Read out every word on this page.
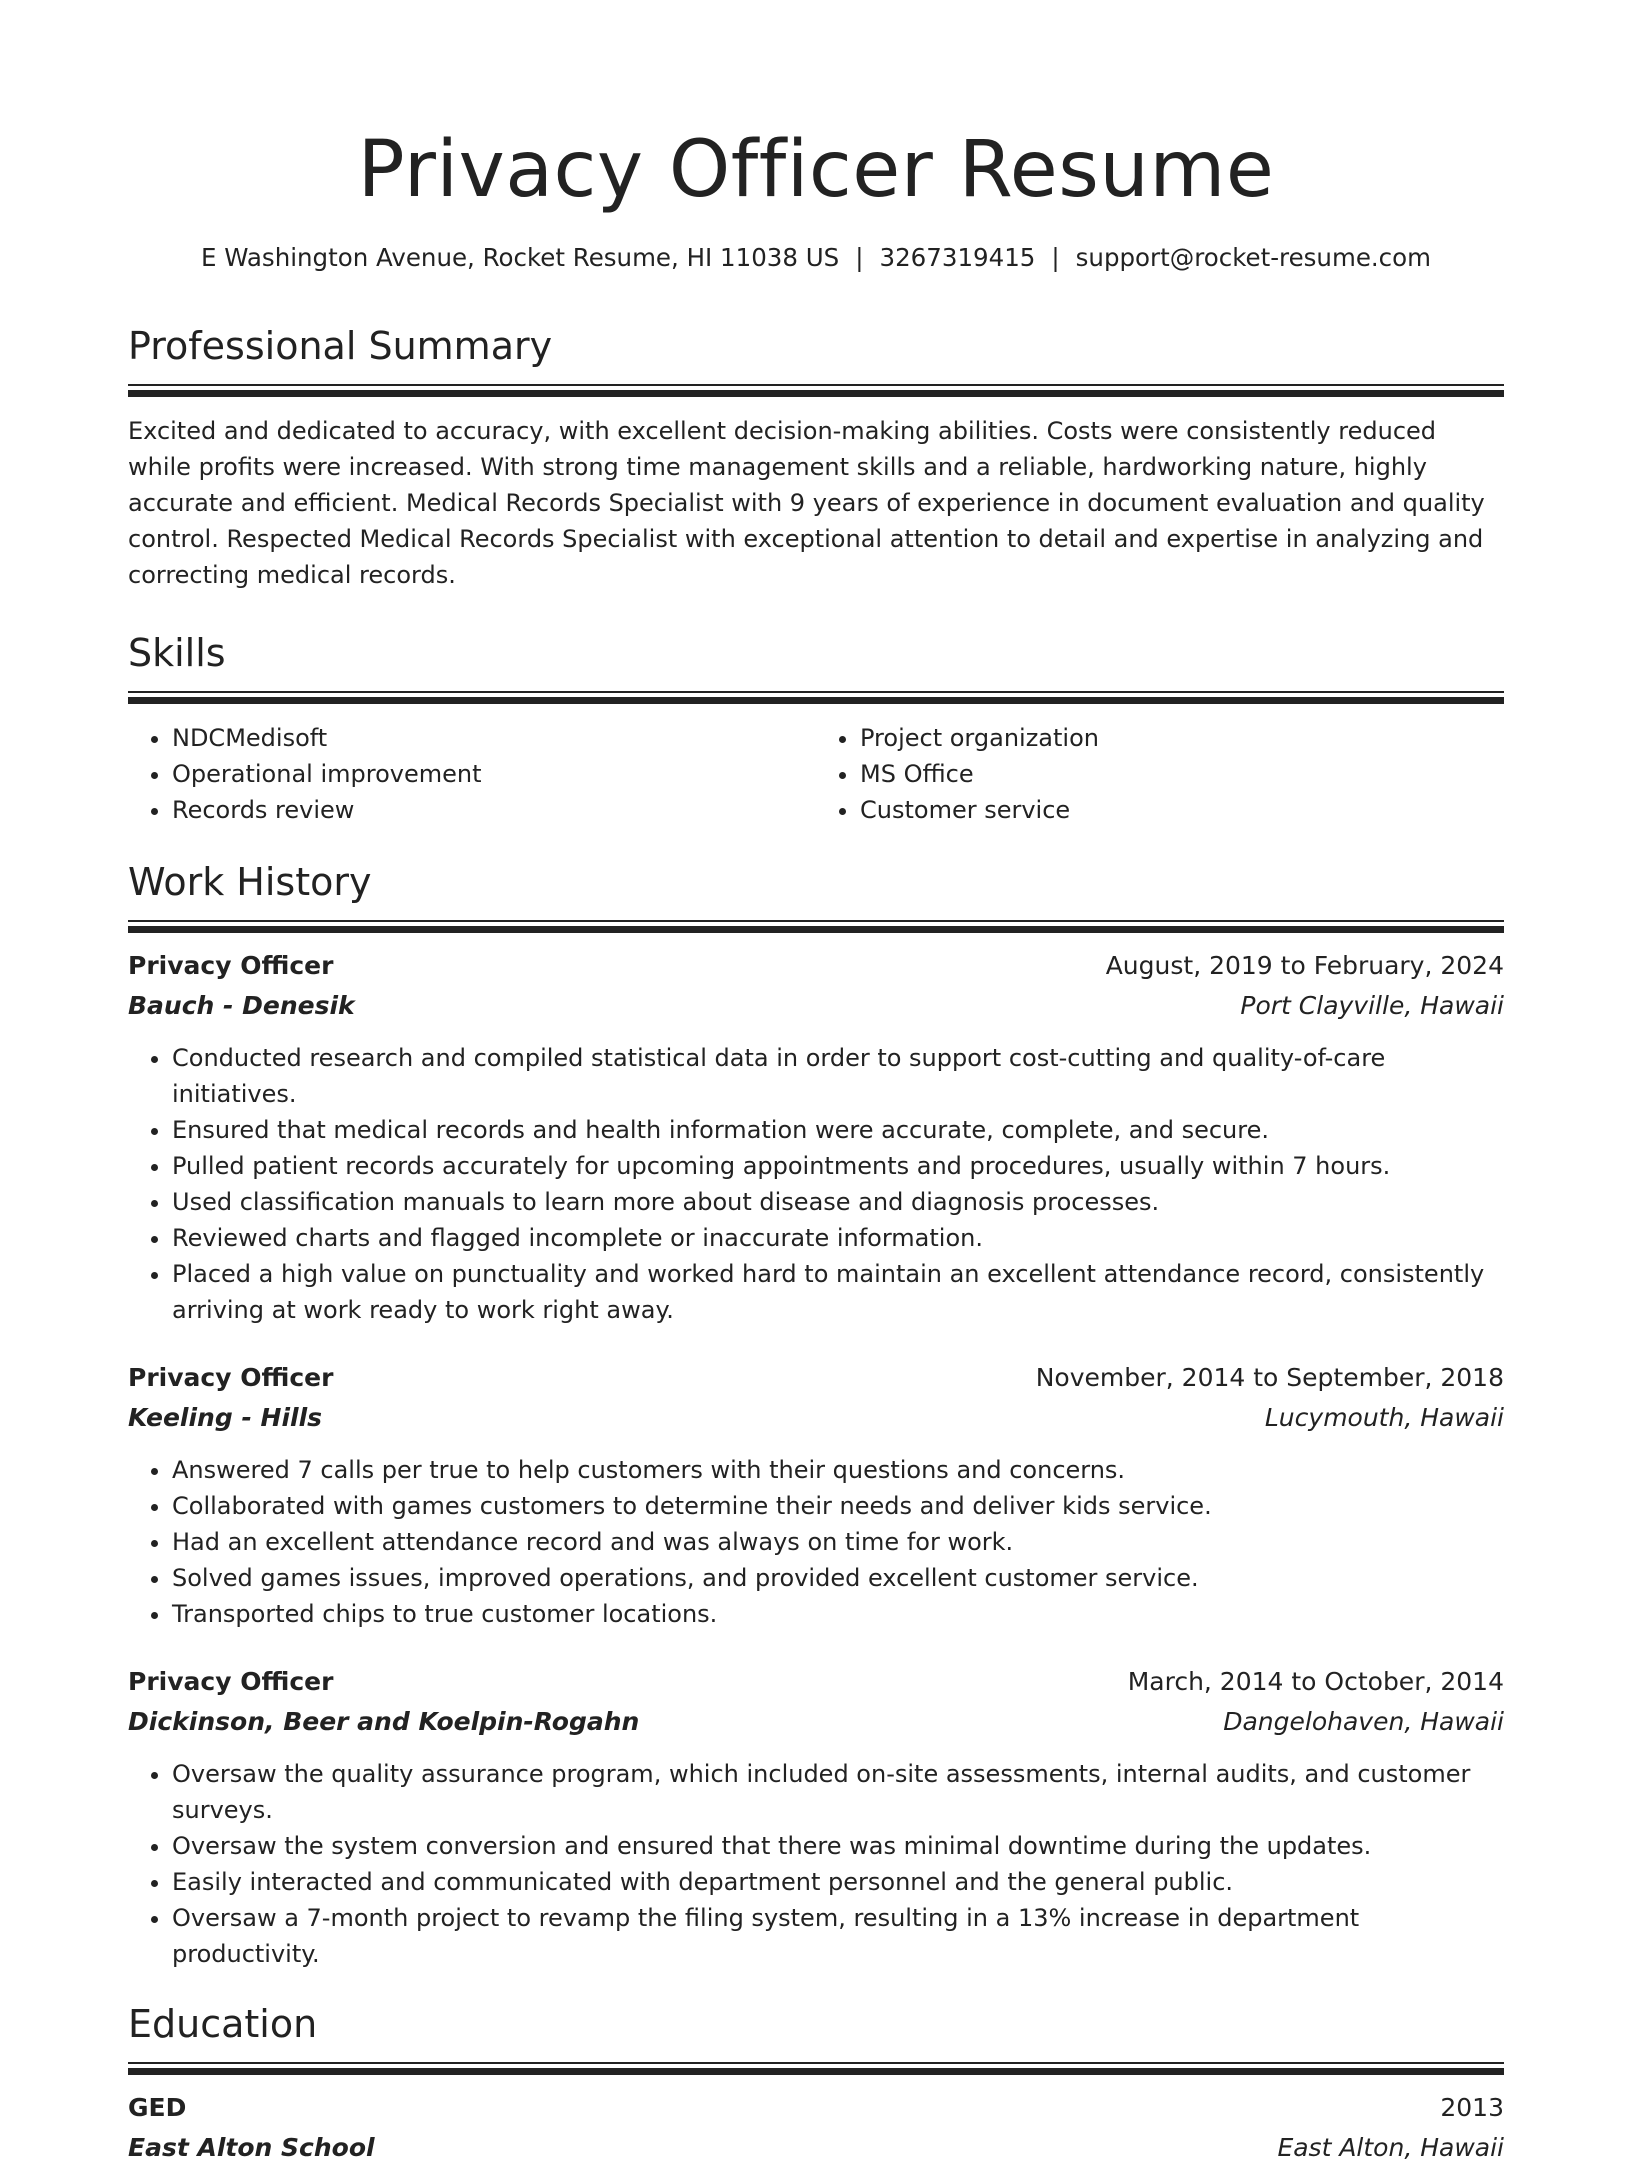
Privacy Officer Resume
E Washington Avenue, Rocket Resume, HI 11038 US | 3267319415 | support@rocket-resume.com
Professional Summary

Excited and dedicated to accuracy, with excellent decision-making abilities. Costs were consistently reduced while profits were increased. With strong time management skills and a reliable, hardworking nature, highly accurate and efficient. Medical Records Specialist with 9 years of experience in document evaluation and quality control. Respected Medical Records Specialist with exceptional attention to detail and expertise in analyzing and correcting medical records.

Skills
• NDCMedisoft
• Operational improvement
• Records review
• Project organization
• MS Office
• Customer service
Work History
Privacy Officer	August, 2019 to February, 2024
Bauch - Denesik	Port Clayville, Hawaii
• Conducted research and compiled statistical data in order to support cost-cutting and quality-of-care initiatives.
• Ensured that medical records and health information were accurate, complete, and secure.
• Pulled patient records accurately for upcoming appointments and procedures, usually within 7 hours.
• Used classification manuals to learn more about disease and diagnosis processes.
• Reviewed charts and flagged incomplete or inaccurate information.
• Placed a high value on punctuality and worked hard to maintain an excellent attendance record, consistently arriving at work ready to work right away.
Privacy Officer	November, 2014 to September, 2018
Keeling - Hills	Lucymouth, Hawaii
• Answered 7 calls per true to help customers with their questions and concerns.
• Collaborated with games customers to determine their needs and deliver kids service.
• Had an excellent attendance record and was always on time for work.
• Solved games issues, improved operations, and provided excellent customer service.
• Transported chips to true customer locations.
Privacy Officer	March, 2014 to October, 2014
Dickinson, Beer and Koelpin-Rogahn	Dangelohaven, Hawaii
• Oversaw the quality assurance program, which included on-site assessments, internal audits, and customer surveys.
• Oversaw the system conversion and ensured that there was minimal downtime during the updates.
• Easily interacted and communicated with department personnel and the general public.
• Oversaw a 7-month project to revamp the filing system, resulting in a 13% increase in department productivity.
Education
GED	2013
East Alton School	East Alton, Hawaii
